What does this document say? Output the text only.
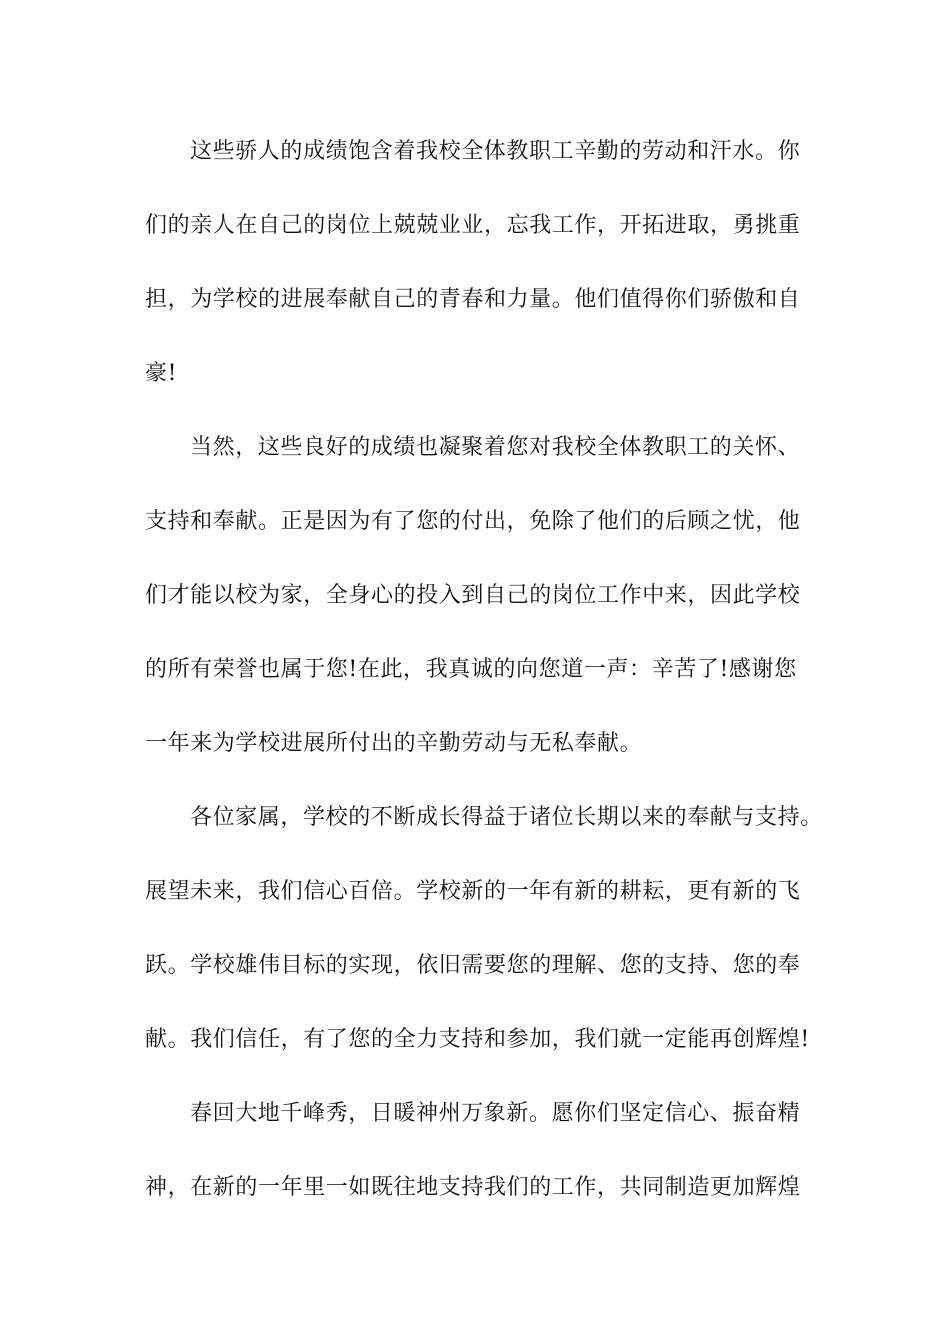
这些骄人的成绩饱含着我校全体教职工辛勤的劳动和汗水。你
们的亲人在自己的岗位上兢兢业业，忘我工作，开拓进取，勇挑重
担，为学校的进展奉献自己的青春和力量。他们值得你们骄傲和自
豪!
当然，这些良好的成绩也凝聚着您对我校全体教职工的关怀、
支持和奉献。正是因为有了您的付出，免除了他们的后顾之忧，他
们才能以校为家，全身心的投入到自己的岗位工作中来，因此学校
的所有荣誉也属于您!在此，我真诚的向您道一声：辛苦了!感谢您
一年来为学校进展所付出的辛勤劳动与无私奉献。
各位家属，学校的不断成长得益于诸位长期以来的奉献与支持。
展望未来，我们信心百倍。学校新的一年有新的耕耘，更有新的飞
跃。学校雄伟目标的实现，依旧需要您的理解、您的支持、您的奉
献。我们信任，有了您的全力支持和参加，我们就一定能再创辉煌!
春回大地千峰秀，日暖神州万象新。愿你们坚定信心、振奋精
神，在新的一年里一如既往地支持我们的工作，共同制造更加辉煌
